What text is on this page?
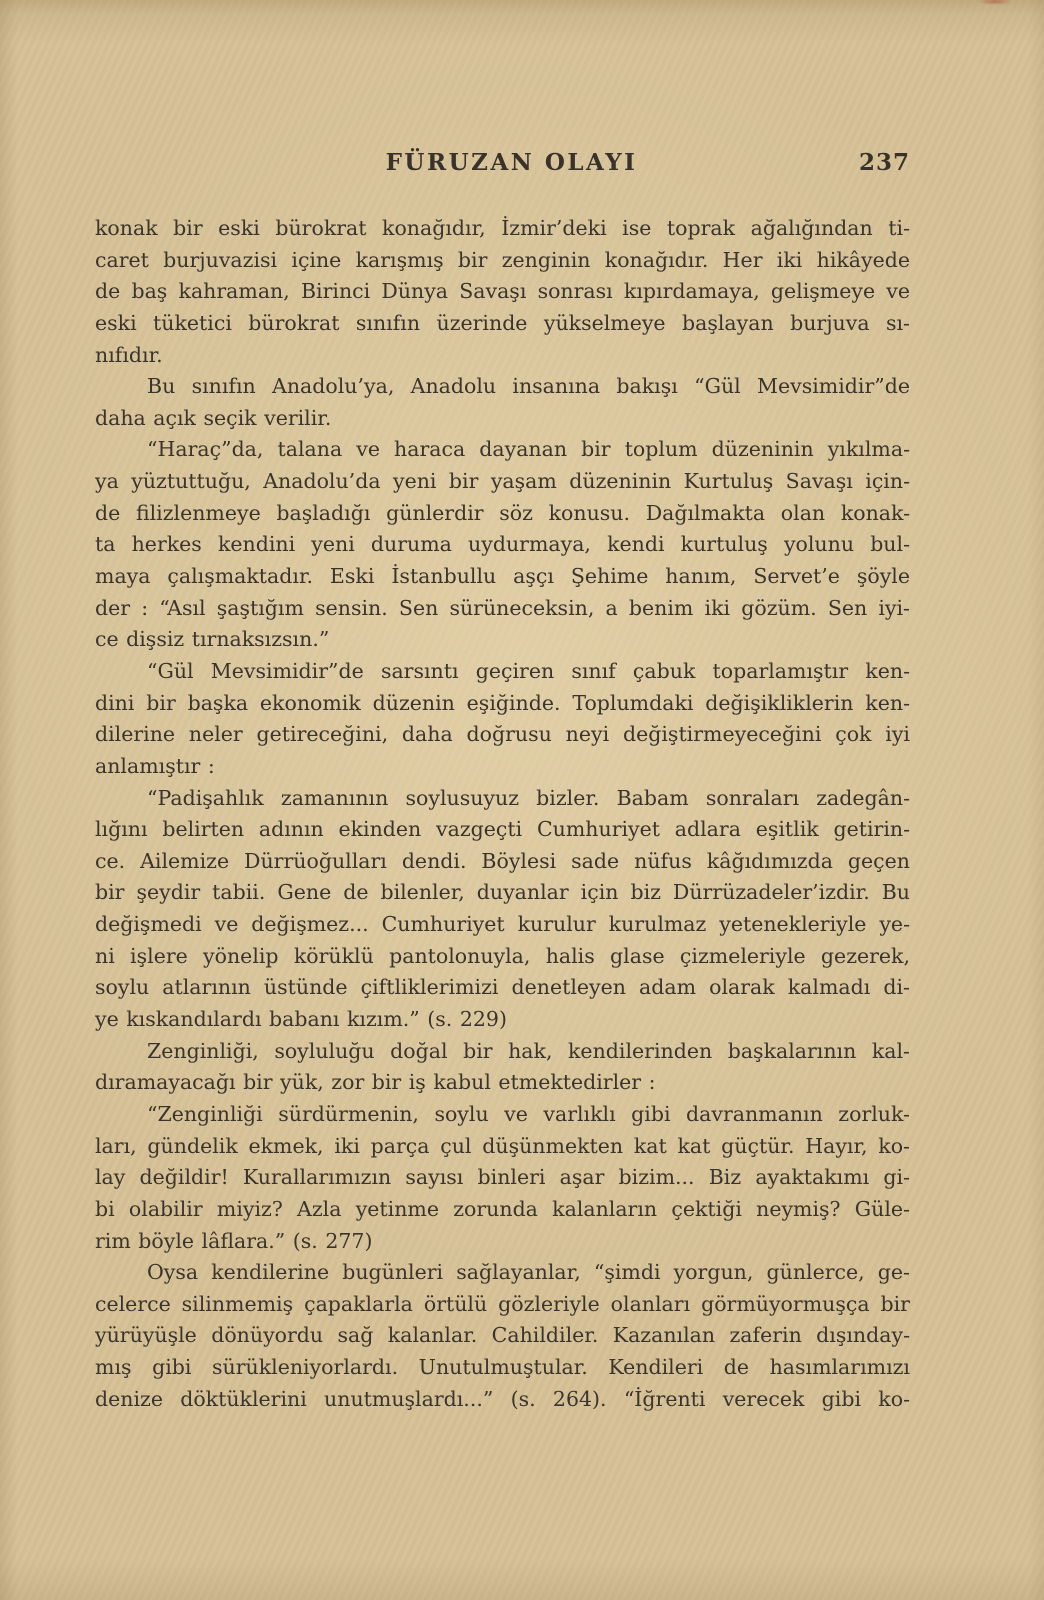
FÜRUZAN OLAYI	237
konak bir eski bürokrat konağıdır, İzmir’deki ise toprak ağalığından ti-
caret burjuvazisi içine karışmış bir zenginin konağıdır. Her iki hikâyede
de baş kahraman, Birinci Dünya Savaşı sonrası kıpırdamaya, gelişmeye ve
eski tüketici bürokrat sınıfın üzerinde yükselmeye başlayan burjuva sı-
nıfıdır.
Bu sınıfın Anadolu’ya, Anadolu insanına bakışı “Gül Mevsimidir”de
daha açık seçik verilir.
“Haraç”da, talana ve haraca dayanan bir toplum düzeninin yıkılma-
ya yüztuttuğu, Anadolu’da yeni bir yaşam düzeninin Kurtuluş Savaşı için-
de filizlenmeye başladığı günlerdir söz konusu. Dağılmakta olan konak-
ta herkes kendini yeni duruma uydurmaya, kendi kurtuluş yolunu bul-
maya çalışmaktadır. Eski İstanbullu aşçı Şehime hanım, Servet’e şöyle
der : “Asıl şaştığım sensin. Sen sürüneceksin, a benim iki gözüm. Sen iyi-
ce dişsiz tırnaksızsın.”
“Gül Mevsimidir”de sarsıntı geçiren sınıf çabuk toparlamıştır ken-
dini bir başka ekonomik düzenin eşiğinde. Toplumdaki değişikliklerin ken-
dilerine neler getireceğini, daha doğrusu neyi değiştirmeyeceğini çok iyi
anlamıştır :
“Padişahlık zamanının soylusuyuz bizler. Babam sonraları zadegân-
lığını belirten adının ekinden vazgeçti Cumhuriyet adlara eşitlik getirin-
ce. Ailemize Dürrüoğulları dendi. Böylesi sade nüfus kâğıdımızda geçen
bir şeydir tabii. Gene de bilenler, duyanlar için biz Dürrüzadeler’izdir. Bu
değişmedi ve değişmez... Cumhuriyet kurulur kurulmaz yetenekleriyle ye-
ni işlere yönelip körüklü pantolonuyla, halis glase çizmeleriyle gezerek,
soylu atlarının üstünde çiftliklerimizi denetleyen adam olarak kalmadı di-
ye kıskandılardı babanı kızım.” (s. 229)
Zenginliği, soyluluğu doğal bir hak, kendilerinden başkalarının kal-
dıramayacağı bir yük, zor bir iş kabul etmektedirler :
“Zenginliği sürdürmenin, soylu ve varlıklı gibi davranmanın zorluk-
ları, gündelik ekmek, iki parça çul düşünmekten kat kat güçtür. Hayır, ko-
lay değildir! Kurallarımızın sayısı binleri aşar bizim... Biz ayaktakımı gi-
bi olabilir miyiz? Azla yetinme zorunda kalanların çektiği neymiş? Güle-
rim böyle lâflara.” (s. 277)
Oysa kendilerine bugünleri sağlayanlar, “şimdi yorgun, günlerce, ge-
celerce silinmemiş çapaklarla örtülü gözleriyle olanları görmüyormuşça bir
yürüyüşle dönüyordu sağ kalanlar. Cahildiler. Kazanılan zaferin dışınday-
mış gibi sürükleniyorlardı. Unutulmuştular. Kendileri de hasımlarımızı
denize döktüklerini unutmuşlardı...” (s. 264). “İğrenti verecek gibi ko-
